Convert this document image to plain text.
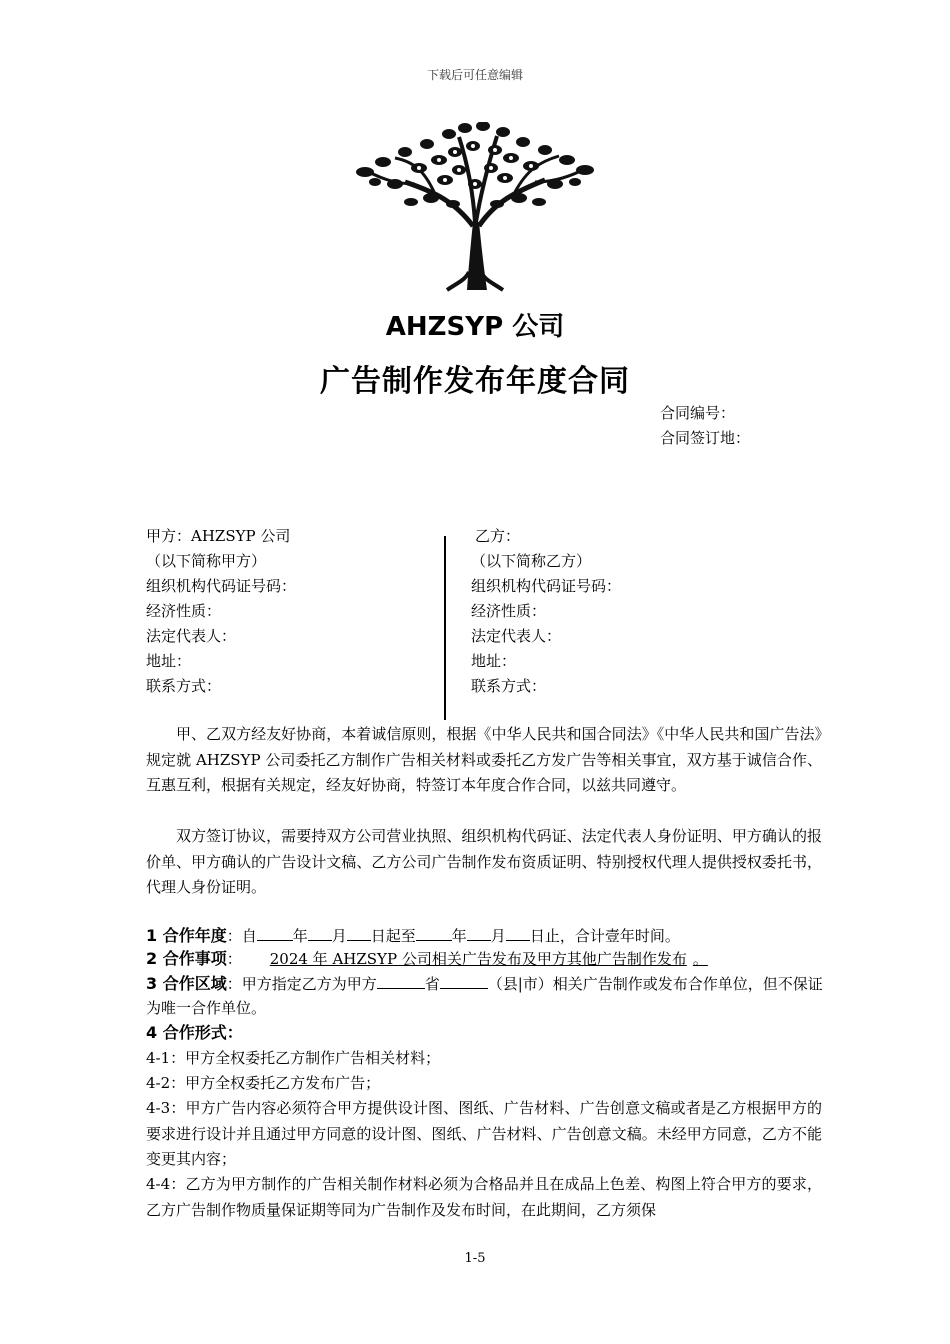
下载后可任意编辑
AHZSYP 公司
广告制作发布年度合同
合同编号：
合同签订地：
甲方：AHZSYP 公司
（以下简称甲方）
组织机构代码证号码：
经济性质：
法定代表人：
地址：
联系方式：
乙方：
（以下简称乙方）
组织机构代码证号码：
经济性质：
法定代表人：
地址：
联系方式：
甲、乙双方经友好协商，本着诚信原则，根据《中华人民共和国合同法》《中华人民共和国广告法》规定就 AHZSYP 公司委托乙方制作广告相关材料或委托乙方发广告等相关事宜，双方基于诚信合作、互惠互利，根据有关规定，经友好协商，特签订本年度合作合同，以兹共同遵守。
双方签订协议，需要持双方公司营业执照、组织机构代码证、法定代表人身份证明、甲方确认的报价单、甲方确认的广告设计文稿、乙方公司广告制作发布资质证明、特别授权代理人提供授权委托书，代理人身份证明。
1 合作年度：自 年 月 日起至 年 月 日止，合计壹年时间。
2 合作事项： 2024 年 AHZSYP 公司相关广告发布及甲方其他广告制作发布 。
3 合作区域：甲方指定乙方为甲方	省	（县|市）相关广告制作或发布合作单位，但不保证为唯一合作单位。
4 合作形式：
4-1：甲方全权委托乙方制作广告相关材料；
4-2：甲方全权委托乙方发布广告；
4-3：甲方广告内容必须符合甲方提供设计图、图纸、广告材料、广告创意文稿或者是乙方根据甲方的要求进行设计并且通过甲方同意的设计图、图纸、广告材料、广告创意文稿。未经甲方同意，乙方不能变更其内容；
4-4：乙方为甲方制作的广告相关制作材料必须为合格品并且在成品上色差、构图上符合甲方的要求，乙方广告制作物质量保证期等同为广告制作及发布时间，在此期间，乙方须保
1-5
